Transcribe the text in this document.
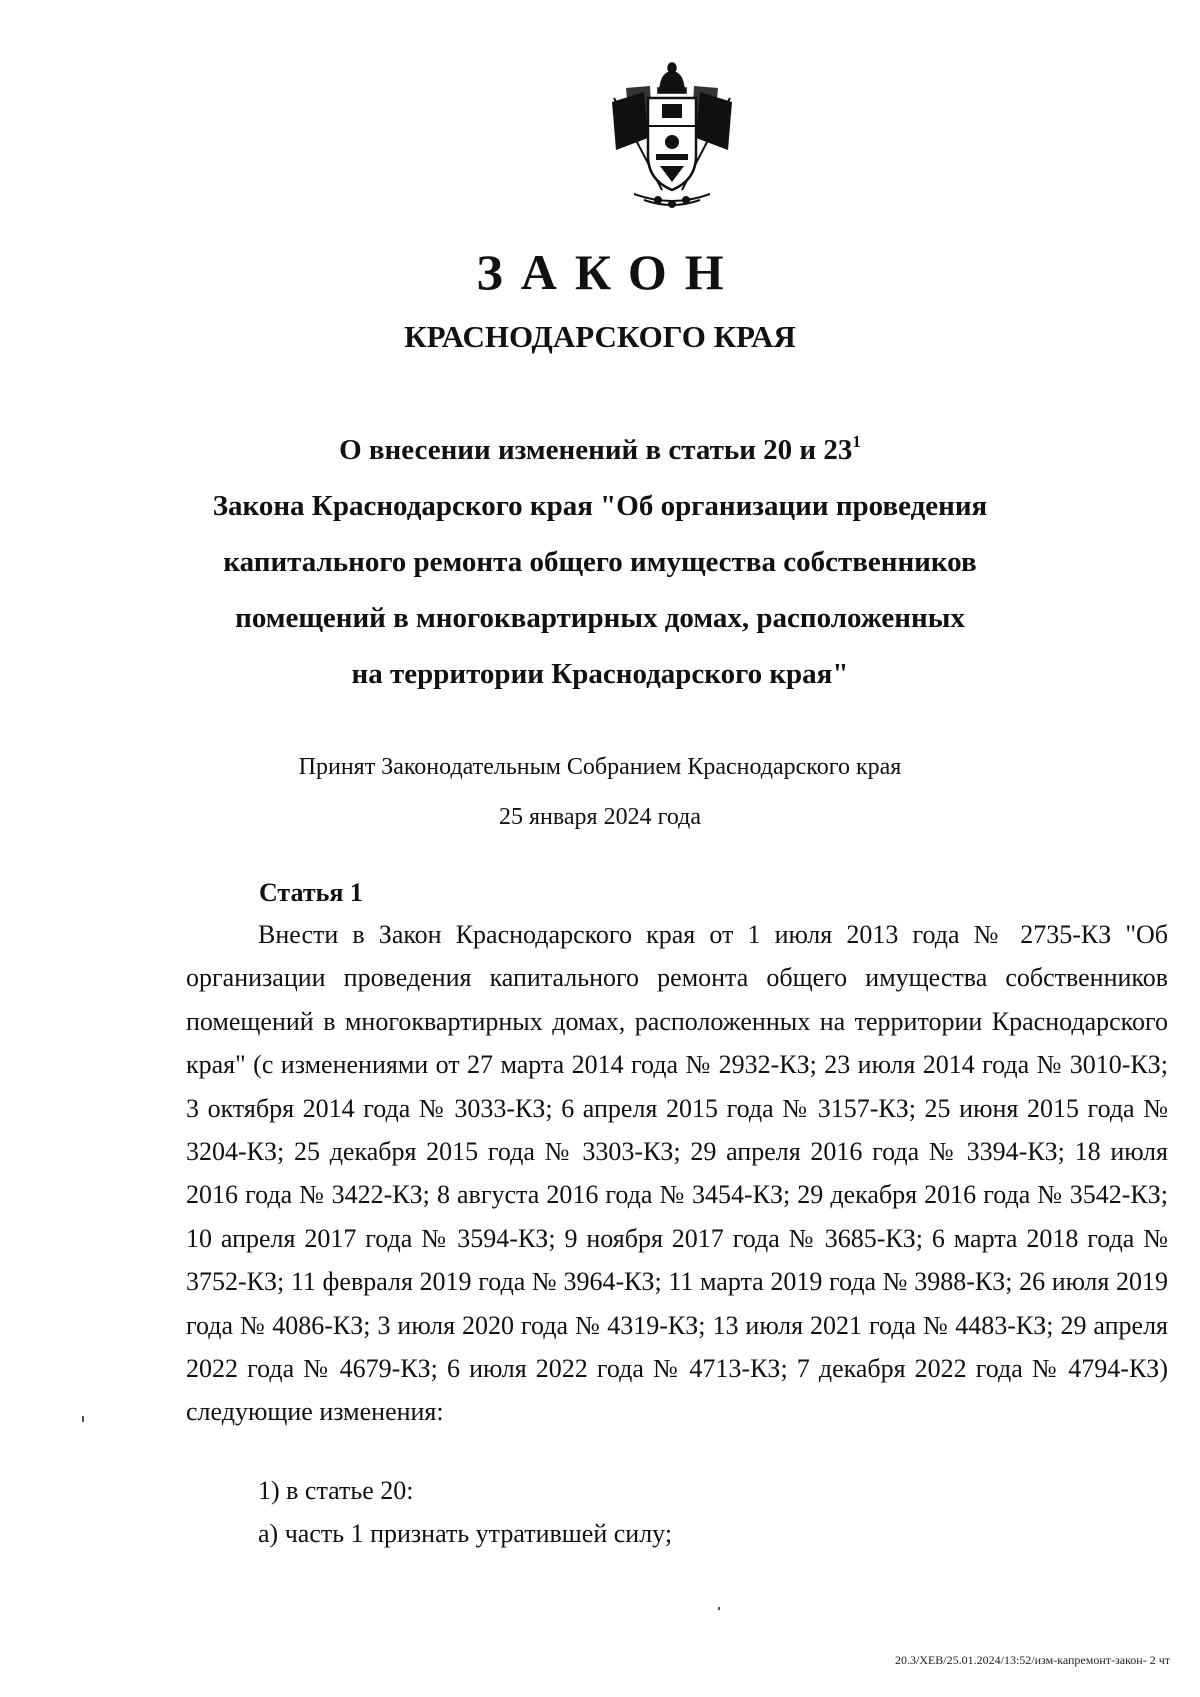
ЗАКОН
КРАСНОДАРСКОГО КРАЯ
О внесении изменений в статьи 20 и $23^1$
Закона Краснодарского края "Об организации проведения
капитального ремонта общего имущества собственников
помещений в многоквартирных домах, расположенных
на территории Краснодарского края"
Принят Законодательным Собранием Краснодарского края
25 января 2024 года
Статья 1
Внести в Закон Краснодарского края от 1 июля 2013 года № 2735-КЗ "Об организации проведения капитального ремонта общего имущества собственников помещений в многоквартирных домах, расположенных на территории Краснодарского края" (с изменениями от 27 марта 2014 года № 2932-КЗ; 23 июля 2014 года № 3010-КЗ; 3 октября 2014 года № 3033-КЗ; 6 апреля 2015 года № 3157-КЗ; 25 июня 2015 года № 3204-КЗ; 25 декабря 2015 года № 3303-КЗ; 29 апреля 2016 года № 3394-КЗ; 18 июля 2016 года № 3422-КЗ; 8 августа 2016 года № 3454-КЗ; 29 декабря 2016 года № 3542-КЗ; 10 апреля 2017 года № 3594-КЗ; 9 ноября 2017 года № 3685-КЗ; 6 марта 2018 года № 3752-КЗ; 11 февраля 2019 года № 3964-КЗ; 11 марта 2019 года № 3988-КЗ; 26 июля 2019 года № 4086-КЗ; 3 июля 2020 года № 4319-КЗ; 13 июля 2021 года № 4483-КЗ; 29 апреля 2022 года № 4679-КЗ; 6 июля 2022 года № 4713-КЗ; 7 декабря 2022 года № 4794-КЗ) следующие изменения:
1) в статье 20:
а) часть 1 признать утратившей силу;
20.3/ХЕВ/25.01.2024/13:52/изм-капремонт-закон- 2 чт
